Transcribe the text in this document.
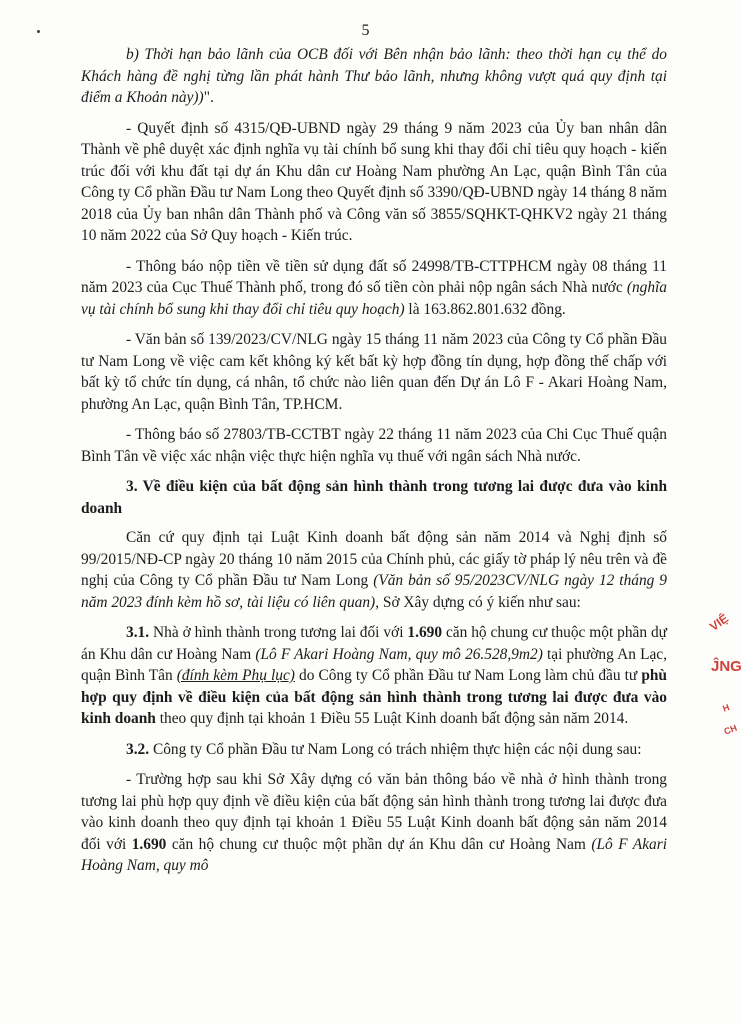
5

b) Thời hạn bảo lãnh của OCB đối với Bên nhận bảo lãnh: theo thời hạn cụ thể do Khách hàng đề nghị từng lần phát hành Thư bảo lãnh, nhưng không vượt quá quy định tại điểm a Khoản này))".

- Quyết định số 4315/QĐ-UBND ngày 29 tháng 9 năm 2023 của Ủy ban nhân dân Thành về phê duyệt xác định nghĩa vụ tài chính bổ sung khi thay đổi chỉ tiêu quy hoạch - kiến trúc đối với khu đất tại dự án Khu dân cư Hoàng Nam phường An Lạc, quận Bình Tân của Công ty Cổ phần Đầu tư Nam Long theo Quyết định số 3390/QĐ-UBND ngày 14 tháng 8 năm 2018 của Ủy ban nhân dân Thành phố và Công văn số 3855/SQHKT-QHKV2 ngày 21 tháng 10 năm 2022 của Sở Quy hoạch - Kiến trúc.

- Thông báo nộp tiền về tiền sử dụng đất số 24998/TB-CTTPHCM ngày 08 tháng 11 năm 2023 của Cục Thuế Thành phố, trong đó số tiền còn phải nộp ngân sách Nhà nước (nghĩa vụ tài chính bổ sung khi thay đổi chỉ tiêu quy hoạch) là 163.862.801.632 đồng.

- Văn bản số 139/2023/CV/NLG ngày 15 tháng 11 năm 2023 của Công ty Cổ phần Đầu tư Nam Long về việc cam kết không ký kết bất kỳ hợp đồng tín dụng, hợp đồng thế chấp với bất kỳ tổ chức tín dụng, cá nhân, tổ chức nào liên quan đến Dự án Lô F - Akari Hoàng Nam, phường An Lạc, quận Bình Tân, TP.HCM.

- Thông báo số 27803/TB-CCTBT ngày 22 tháng 11 năm 2023 của Chi Cục Thuế quận Bình Tân về việc xác nhận việc thực hiện nghĩa vụ thuế với ngân sách Nhà nước.

3. Về điều kiện của bất động sản hình thành trong tương lai được đưa vào kinh doanh

Căn cứ quy định tại Luật Kinh doanh bất động sản năm 2014 và Nghị định số 99/2015/NĐ-CP ngày 20 tháng 10 năm 2015 của Chính phủ, các giấy tờ pháp lý nêu trên và đề nghị của Công ty Cổ phần Đầu tư Nam Long (Văn bản số 95/2023CV/NLG ngày 12 tháng 9 năm 2023 đính kèm hồ sơ, tài liệu có liên quan), Sở Xây dựng có ý kiến như sau:

3.1. Nhà ở hình thành trong tương lai đối với 1.690 căn hộ chung cư thuộc một phần dự án Khu dân cư Hoàng Nam (Lô F Akari Hoàng Nam, quy mô 26.528,9m2) tại phường An Lạc, quận Bình Tân (đính kèm Phụ lục) do Công ty Cổ phần Đầu tư Nam Long làm chủ đầu tư phù hợp quy định về điều kiện của bất động sản hình thành trong tương lai được đưa vào kinh doanh theo quy định tại khoản 1 Điều 55 Luật Kinh doanh bất động sản năm 2014.

3.2. Công ty Cổ phần Đầu tư Nam Long có trách nhiệm thực hiện các nội dung sau:

- Trường hợp sau khi Sở Xây dựng có văn bản thông báo về nhà ở hình thành trong tương lai phù hợp quy định về điều kiện của bất động sản hình thành trong tương lai được đưa vào kinh doanh theo quy định tại khoản 1 Điều 55 Luật Kinh doanh bất động sản năm 2014 đối với 1.690 căn hộ chung cư thuộc một phần dự án Khu dân cư Hoàng Nam (Lô F Akari Hoàng Nam, quy mô

VIỆ
ĴNG
H CH
